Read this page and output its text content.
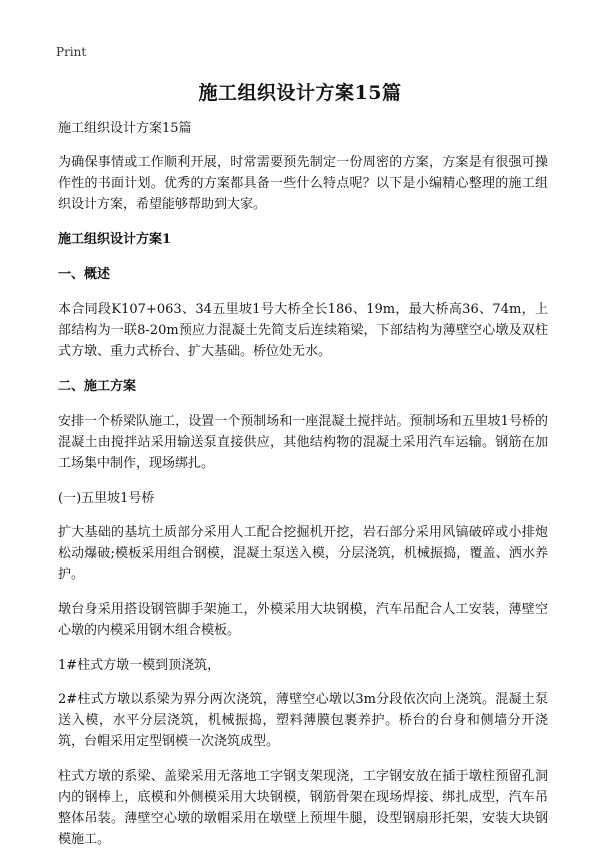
Print
施工组织设计方案15篇

施工组织设计方案15篇

为确保事情或工作顺利开展，时常需要预先制定一份周密的方案，方案是有很强可操作性的书面计划。优秀的方案都具备一些什么特点呢？以下是小编精心整理的施工组织设计方案，希望能够帮助到大家。

施工组织设计方案1

一、概述

本合同段K107+063、34五里坡1号大桥全长186、19m，最大桥高36、74m，上部结构为一联8-20m预应力混凝土先简支后连续箱梁，下部结构为薄壁空心墩及双柱式方墩、重力式桥台、扩大基础。桥位处无水。

二、施工方案

安排一个桥梁队施工，设置一个预制场和一座混凝土搅拌站。预制场和五里坡1号桥的混凝土由搅拌站采用输送泵直接供应，其他结构物的混凝土采用汽车运输。钢筋在加工场集中制作，现场绑扎。

(一)五里坡1号桥

扩大基础的基坑土质部分采用人工配合挖掘机开挖，岩石部分采用风镐破碎或小排炮松动爆破;模板采用组合钢模，混凝土泵送入模，分层浇筑，机械振捣，覆盖、洒水养护。

墩台身采用搭设钢管脚手架施工，外模采用大块钢模，汽车吊配合人工安装，薄壁空心墩的内模采用钢木组合模板。

1#柱式方墩一模到顶浇筑，

2#柱式方墩以系梁为界分两次浇筑，薄壁空心墩以3m分段依次向上浇筑。混凝土泵送入模，水平分层浇筑，机械振捣，塑料薄膜包裹养护。桥台的台身和侧墙分开浇筑，台帽采用定型钢模一次浇筑成型。

柱式方墩的系梁、盖梁采用无落地工字钢支架现浇，工字钢安放在插于墩柱预留孔洞内的钢棒上，底模和外侧模采用大块钢模，钢筋骨架在现场焊接、绑扎成型，汽车吊整体吊装。薄壁空心墩的墩帽采用在墩壁上预埋牛腿，设型钢扇形托架，安装大块钢模施工。
